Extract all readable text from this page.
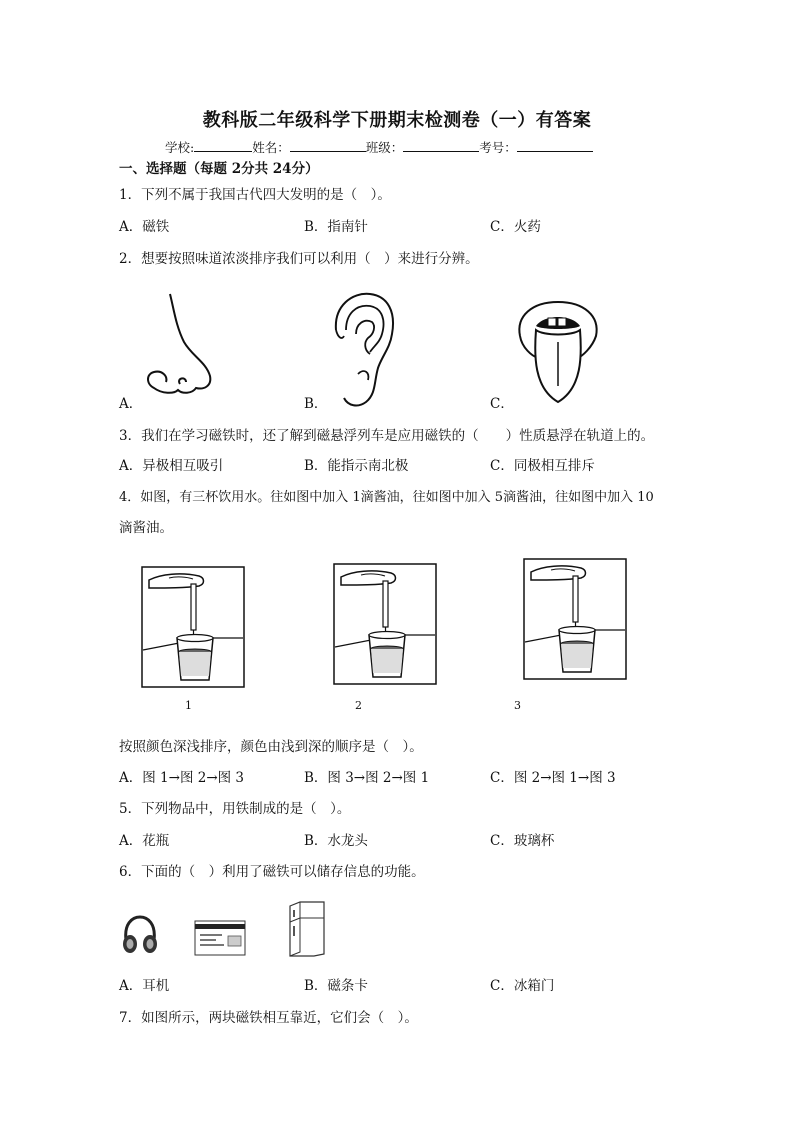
教科版二年级科学下册期末检测卷（一）有答案
学校:	姓名：	班级：	考号：
一、选择题（每题 2分共 24分）
1．下列不属于我国古代四大发明的是（　）。
A．磁铁	B．指南针	C．火药
2．想要按照味道浓淡排序我们可以利用（　）来进行分辨。
A．	B．	C．
3．我们在学习磁铁时，还了解到磁悬浮列车是应用磁铁的（　　）性质悬浮在轨道上的。
A．异极相互吸引	B．能指示南北极	C．同极相互排斥
4．如图，有三杯饮用水。往如图中加入 1滴酱油，往如图中加入 5滴酱油，往如图中加入 10
滴酱油。
1	2	3
按照颜色深浅排序，颜色由浅到深的顺序是（　）。
A．图 1→图 2→图 3	B．图 3→图 2→图 1	C．图 2→图 1→图 3
5．下列物品中，用铁制成的是（　）。
A．花瓶	B．水龙头	C．玻璃杯
6．下面的（　）利用了磁铁可以储存信息的功能。
A．耳机	B．磁条卡	C．冰箱门
7．如图所示，两块磁铁相互靠近，它们会（　）。
